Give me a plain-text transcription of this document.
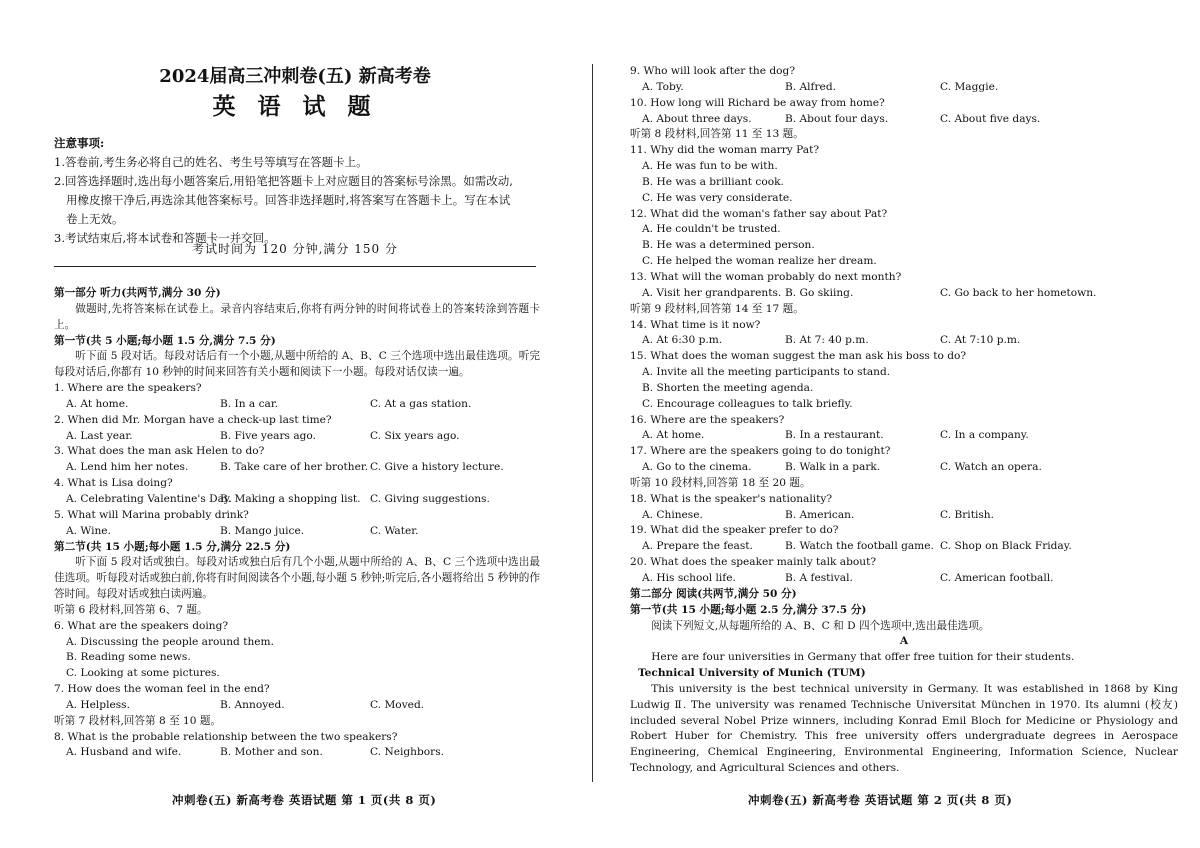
2024届高三冲刺卷(五) 新高考卷
英 语 试 题
注意事项:
1.答卷前,考生务必将自己的姓名、考生号等填写在答题卡上。
2.回答选择题时,选出每小题答案后,用铅笔把答题卡上对应题目的答案标号涂黑。如需改动,
用橡皮擦干净后,再选涂其他答案标号。回答非选择题时,将答案写在答题卡上。写在本试
卷上无效。
3.考试结束后,将本试卷和答题卡一并交回。
考试时间为 120 分钟,满分 150 分
第一部分 听力(共两节,满分 30 分)
做题时,先将答案标在试卷上。录音内容结束后,你将有两分钟的时间将试卷上的答案转涂到答题卡上。
第一节(共 5 小题;每小题 1.5 分,满分 7.5 分)
听下面 5 段对话。每段对话后有一个小题,从题中所给的 A、B、C 三个选项中选出最佳选项。听完每段对话后,你都有 10 秒钟的时间来回答有关小题和阅读下一小题。每段对话仅读一遍。
1. Where are the speakers?
A. At home.	B. In a car.	C. At a gas station.
2. When did Mr. Morgan have a check-up last time?
A. Last year.	B. Five years ago.	C. Six years ago.
3. What does the man ask Helen to do?
A. Lend him her notes.	B. Take care of her brother. C. Give a history lecture.
4. What is Lisa doing?
A. Celebrating Valentine's Day.
B. Making a shopping list. C. Giving suggestions.
5. What will Marina probably drink?
A. Wine.	B. Mango juice.	C. Water.
第二节(共 15 小题;每小题 1.5 分,满分 22.5 分)
听下面 5 段对话或独白。每段对话或独白后有几个小题,从题中所给的 A、B、C 三个选项中选出最佳选项。听每段对话或独白前,你将有时间阅读各个小题,每小题 5 秒钟;听完后,各小题将给出 5 秒钟的作答时间。每段对话或独白读两遍。
听第 6 段材料,回答第 6、7 题。
6. What are the speakers doing?
A. Discussing the people around them.
B. Reading some news.
C. Looking at some pictures.
7. How does the woman feel in the end?
A. Helpless.	B. Annoyed.	C. Moved.
听第 7 段材料,回答第 8 至 10 题。
8. What is the probable relationship between the two speakers?
A. Husband and wife.	B. Mother and son.	C. Neighbors.
冲刺卷(五) 新高考卷 英语试题 第 1 页(共 8 页)
9. Who will look after the dog?
A. Toby.	B. Alfred.	C. Maggie.
10. How long will Richard be away from home?
A. About three days.	B. About four days.	C. About five days.
听第 8 段材料,回答第 11 至 13 题。
11. Why did the woman marry Pat?
A. He was fun to be with.
B. He was a brilliant cook.
C. He was very considerate.
12. What did the woman's father say about Pat?
A. He couldn't be trusted.
B. He was a determined person.
C. He helped the woman realize her dream.
13. What will the woman probably do next month?
A. Visit her grandparents. B. Go skiing.	C. Go back to her hometown.
听第 9 段材料,回答第 14 至 17 题。
14. What time is it now?
A. At 6:30 p.m.	B. At 7: 40 p.m.	C. At 7:10 p.m.
15. What does the woman suggest the man ask his boss to do?
A. Invite all the meeting participants to stand.
B. Shorten the meeting agenda.
C. Encourage colleagues to talk briefly.
16. Where are the speakers?
A. At home.	B. In a restaurant.	C. In a company.
17. Where are the speakers going to do tonight?
A. Go to the cinema.	B. Walk in a park.	C. Watch an opera.
听第 10 段材料,回答第 18 至 20 题。
18. What is the speaker's nationality?
A. Chinese.	B. American.	C. British.
19. What did the speaker prefer to do?
A. Prepare the feast.	B. Watch the football game. C. Shop on Black Friday.
20. What does the speaker mainly talk about?
A. His school life.	B. A festival.	C. American football.
第二部分 阅读(共两节,满分 50 分)
第一节(共 15 小题;每小题 2.5 分,满分 37.5 分)
阅读下列短文,从每题所给的 A、B、C 和 D 四个选项中,选出最佳选项。
A
Here are four universities in Germany that offer free tuition for their students.
Technical University of Munich (TUM)
This university is the best technical university in Germany. It was established in 1868 by King Ludwig Ⅱ. The university was renamed Technische Universitat München in 1970. Its alumni (校友) included several Nobel Prize winners, including Konrad Emil Bloch for Medicine or Physiology and Robert Huber for Chemistry. This free university offers undergraduate degrees in Aerospace Engineering, Chemical Engineering, Environmental Engineering, Information Science, Nuclear Technology, and Agricultural Sciences and others.
冲刺卷(五) 新高考卷 英语试题 第 2 页(共 8 页)
